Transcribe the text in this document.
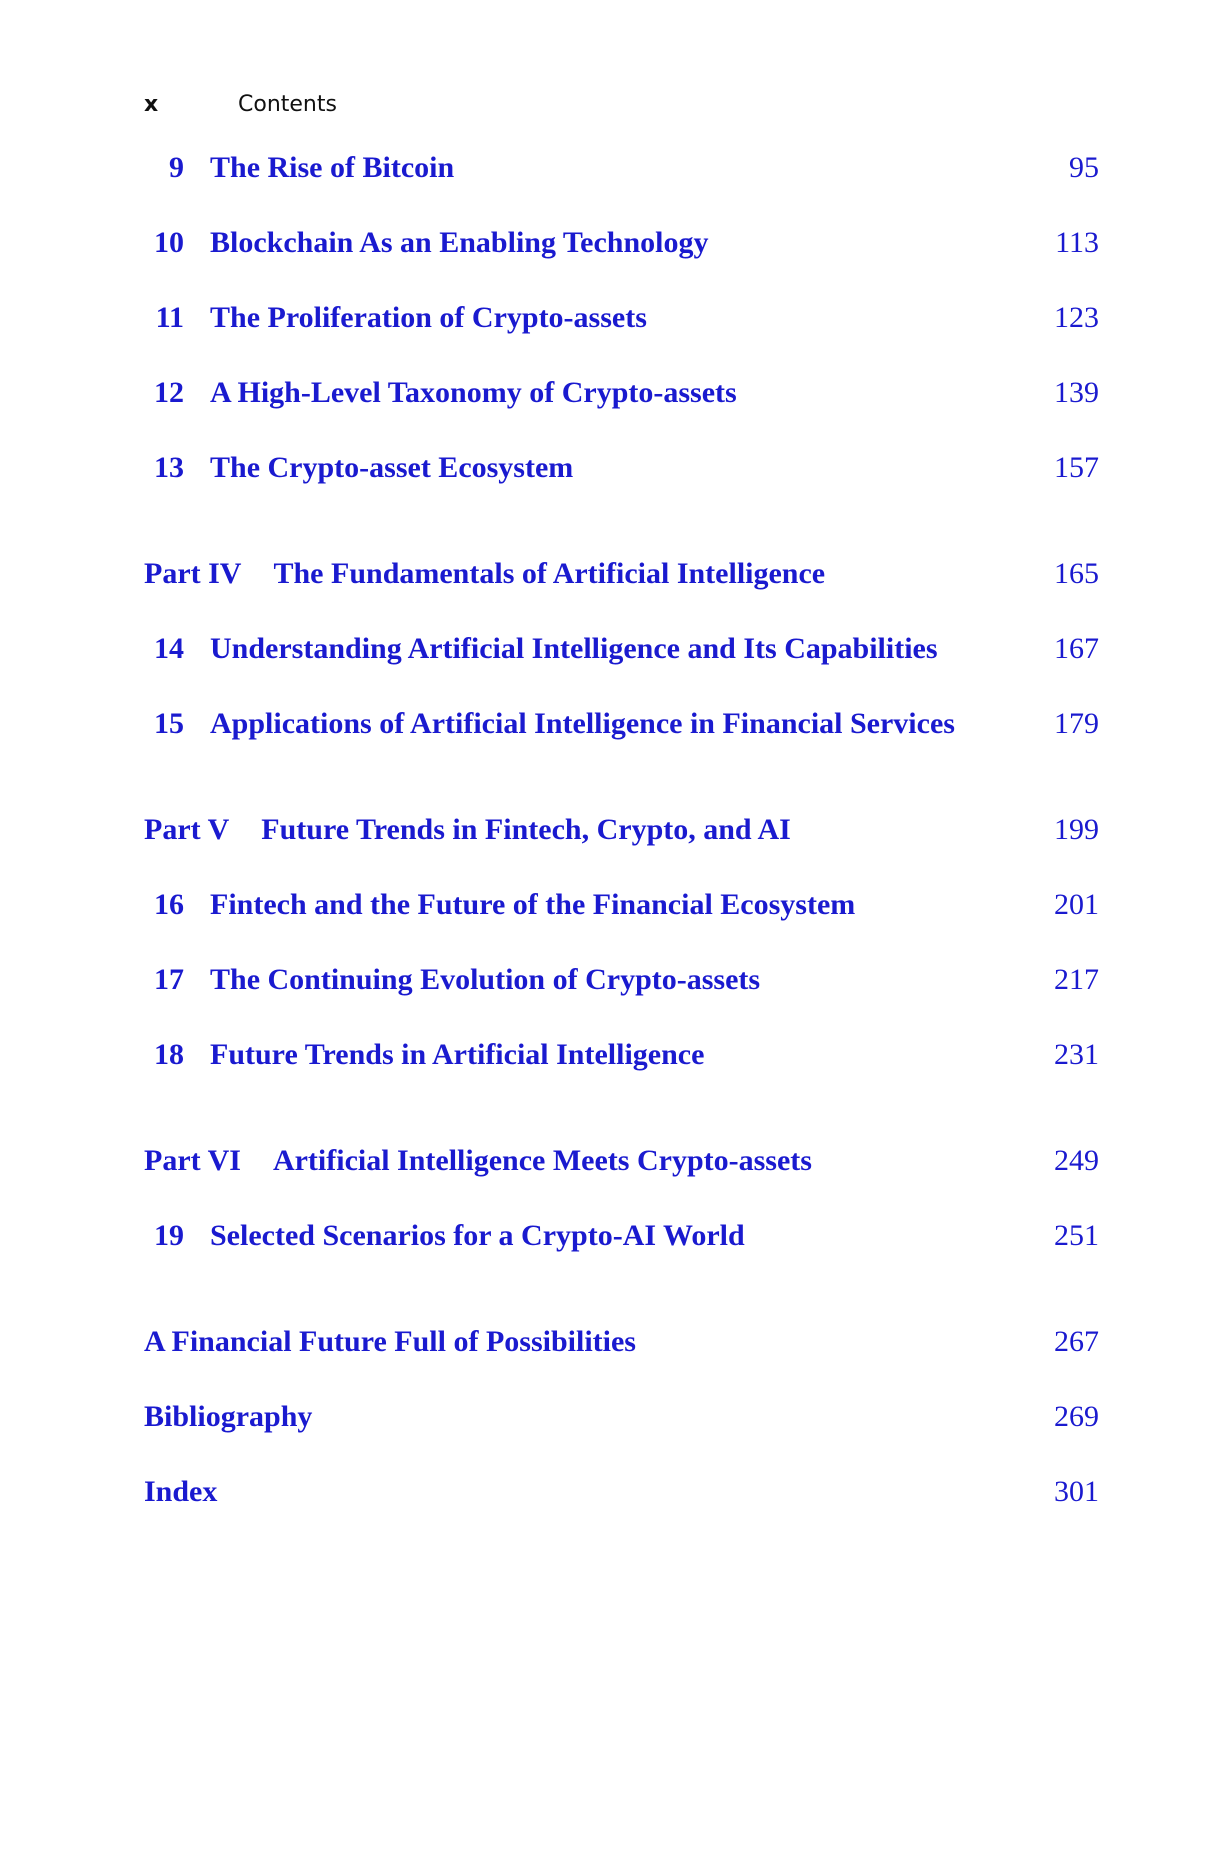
x	Contents
9 The Rise of Bitcoin	95
10 Blockchain As an Enabling Technology	113
11 The Proliferation of Crypto-assets	123
12 A High-Level Taxonomy of Crypto-assets	139
13 The Crypto-asset Ecosystem	157
Part IV The Fundamentals of Artificial Intelligence	165
14 Understanding Artificial Intelligence and Its Capabilities	167
15 Applications of Artificial Intelligence in Financial Services	179
Part V Future Trends in Fintech, Crypto, and AI	199
16 Fintech and the Future of the Financial Ecosystem	201
17 The Continuing Evolution of Crypto-assets	217
18 Future Trends in Artificial Intelligence	231
Part VI Artificial Intelligence Meets Crypto-assets	249
19 Selected Scenarios for a Crypto-AI World	251
A Financial Future Full of Possibilities	267
Bibliography	269
Index	301
